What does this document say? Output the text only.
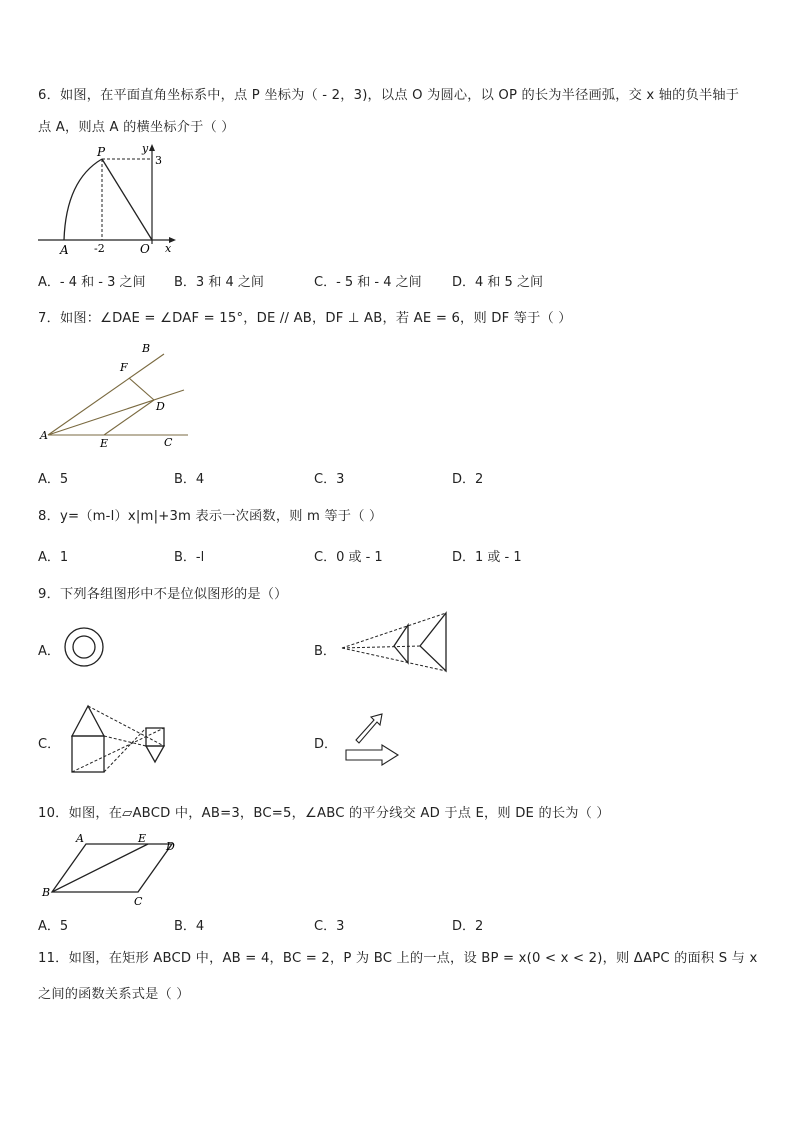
6．如图，在平面直角坐标系中，点 P 坐标为（ - 2，3)，以点 O 为圆心，以 OP 的长为半径画弧，交 x 轴的负半轴于
点 A，则点 A 的横坐标介于（ ）
P	y
3
A -2	O x
A．- 4 和 - 3 之间 B．3 和 4 之间	C．- 5 和 - 4 之间 D．4 和 5 之间
7．如图：∠DAE = ∠DAF = 15°，DE // AB，DF ⊥ AB，若 AE = 6，则 DF 等于（ ）
B
F
D
A
E	C
A．5	B．4	C．3	D．2
8．y=（m-l）x|m|+3m 表示一次函数，则 m 等于（ ）
A．1	B．-l	C．0 或 - 1	D．1 或 - 1
9．下列各组图形中不是位似图形的是（）
A．	B．
C．	D．
10．如图，在▱ABCD 中，AB=3，BC=5，∠ABC 的平分线交 AD 于点 E，则 DE 的长为（ ）
A	E
D
B
C
A．5	B．4	C．3	D．2
11．如图，在矩形 ABCD 中，AB = 4，BC = 2，P 为 BC 上的一点，设 BP = x(0 < x < 2)，则 ΔAPC 的面积 S 与 x
之间的函数关系式是（ ）
